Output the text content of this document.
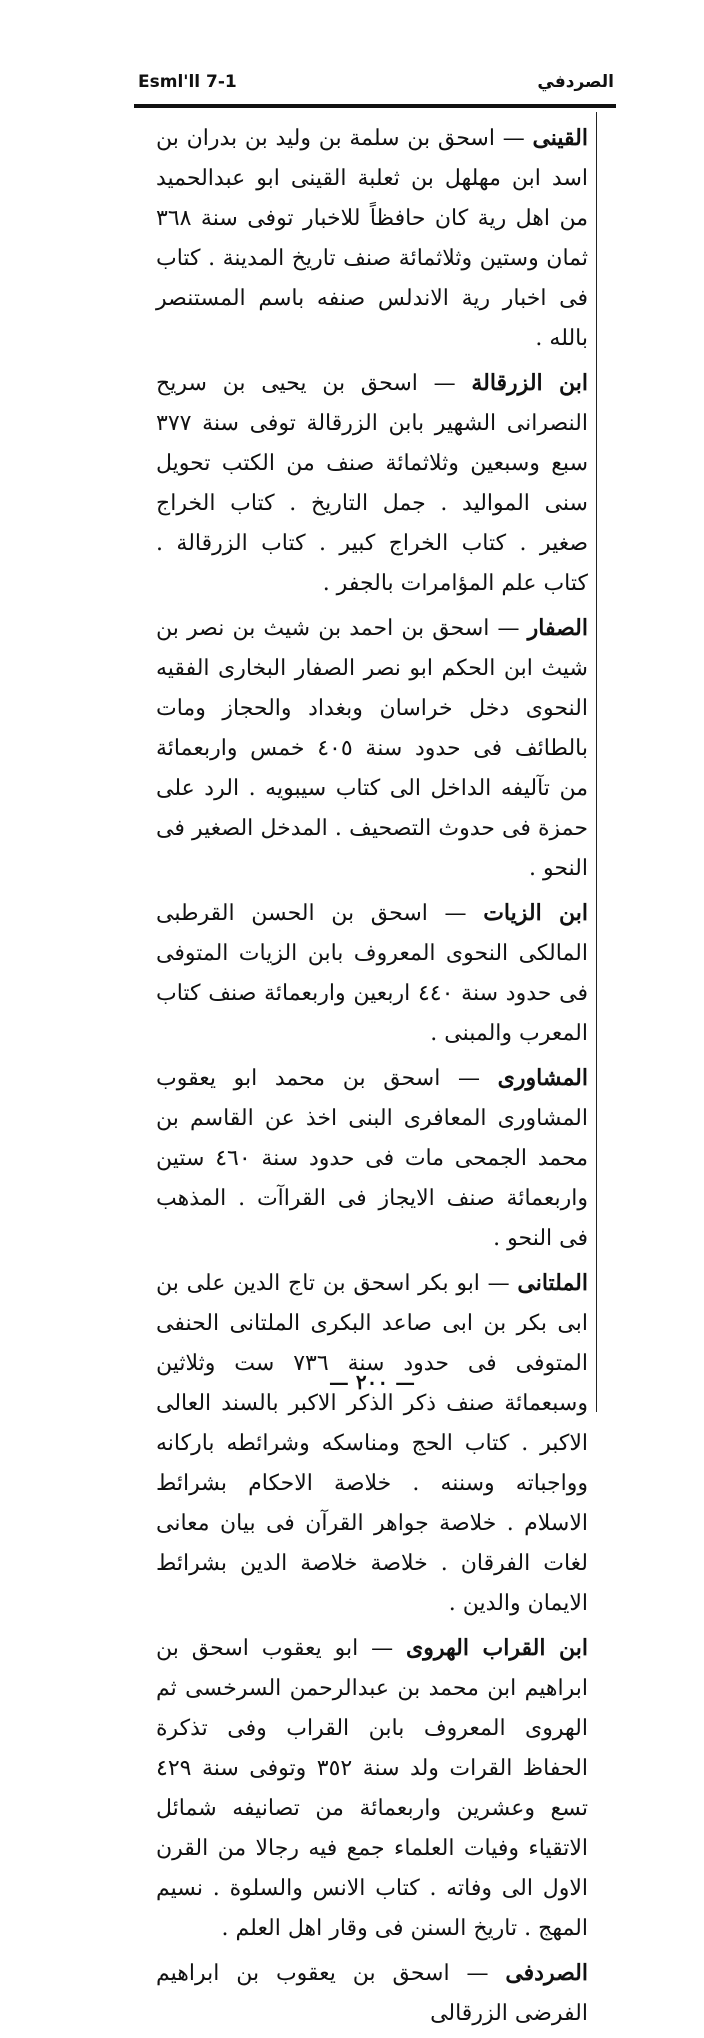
Esml'll 7-1	الصردفي

القينى — اسحق بن سلمة بن وليد بن بدران بن اسد ابن مهلهل بن ثعلبة القينى ابو عبدالحميد من اهل رية كان حافظاً للاخبار توفى سنة ٣٦٨ ثمان وستين وثلاثمائة صنف تاريخ المدينة . كتاب فى اخبار رية الاندلس صنفه باسم المستنصر بالله .

ابن الزرقالة — اسحق بن يحيى بن سريح النصرانى الشهير بابن الزرقالة توفى سنة ٣٧٧ سبع وسبعين وثلاثمائة صنف من الكتب تحويل سنى المواليد . جمل التاريخ . كتاب الخراج صغير . كتاب الخراج كبير . كتاب الزرقالة . كتاب علم المؤامرات بالجفر .

الصفار — اسحق بن احمد بن شيث بن نصر بن شيث ابن الحكم ابو نصر الصفار البخارى الفقيه النحوى دخل خراسان وبغداد والحجاز ومات بالطائف فى حدود سنة ٤٠٥ خمس واربعمائة من تآليفه الداخل الى كتاب سيبويه . الرد على حمزة فى حدوث التصحيف . المدخل الصغير فى النحو .

ابن الزيات — اسحق بن الحسن القرطبى المالكى النحوى المعروف بابن الزيات المتوفى فى حدود سنة ٤٤٠ اربعين واربعمائة صنف كتاب المعرب والمبنى .

المشاورى — اسحق بن محمد ابو يعقوب المشاورى المعافرى البنى اخذ عن القاسم بن محمد الجمحى مات فى حدود سنة ٤٦٠ ستين واربعمائة صنف الايجاز فى القراآت . المذهب فى النحو .

الملتانى — ابو بكر اسحق بن تاج الدين على بن ابى بكر بن ابى صاعد البكرى الملتانى الحنفى المتوفى فى حدود سنة ٧٣٦ ست وثلاثين وسبعمائة صنف ذكر الذكر الاكبر بالسند العالى الاكبر . كتاب الحج ومناسكه وشرائطه باركانه وواجباته وسننه . خلاصة الاحكام بشرائط الاسلام . خلاصة جواهر القرآن فى بيان معانى لغات الفرقان . خلاصة خلاصة الدين بشرائط الايمان والدين .

ابن القراب الهروى — ابو يعقوب اسحق بن ابراهيم ابن محمد بن عبدالرحمن السرخسى ثم الهروى المعروف بابن القراب وفى تذكرة الحفاظ القرات ولد سنة ٣٥٢ وتوفى سنة ٤٢٩ تسع وعشرين واربعمائة من تصانيفه شمائل الاتقياء وفيات العلماء جمع فيه رجالا من القرن الاول الى وفاته . كتاب الانس والسلوة . نسيم المهج . تاريخ السنن فى وقار اهل العلم .

الصردفى — اسحق بن يعقوب بن ابراهيم الفرضى الزرقالى

— ٢٠٠ —
